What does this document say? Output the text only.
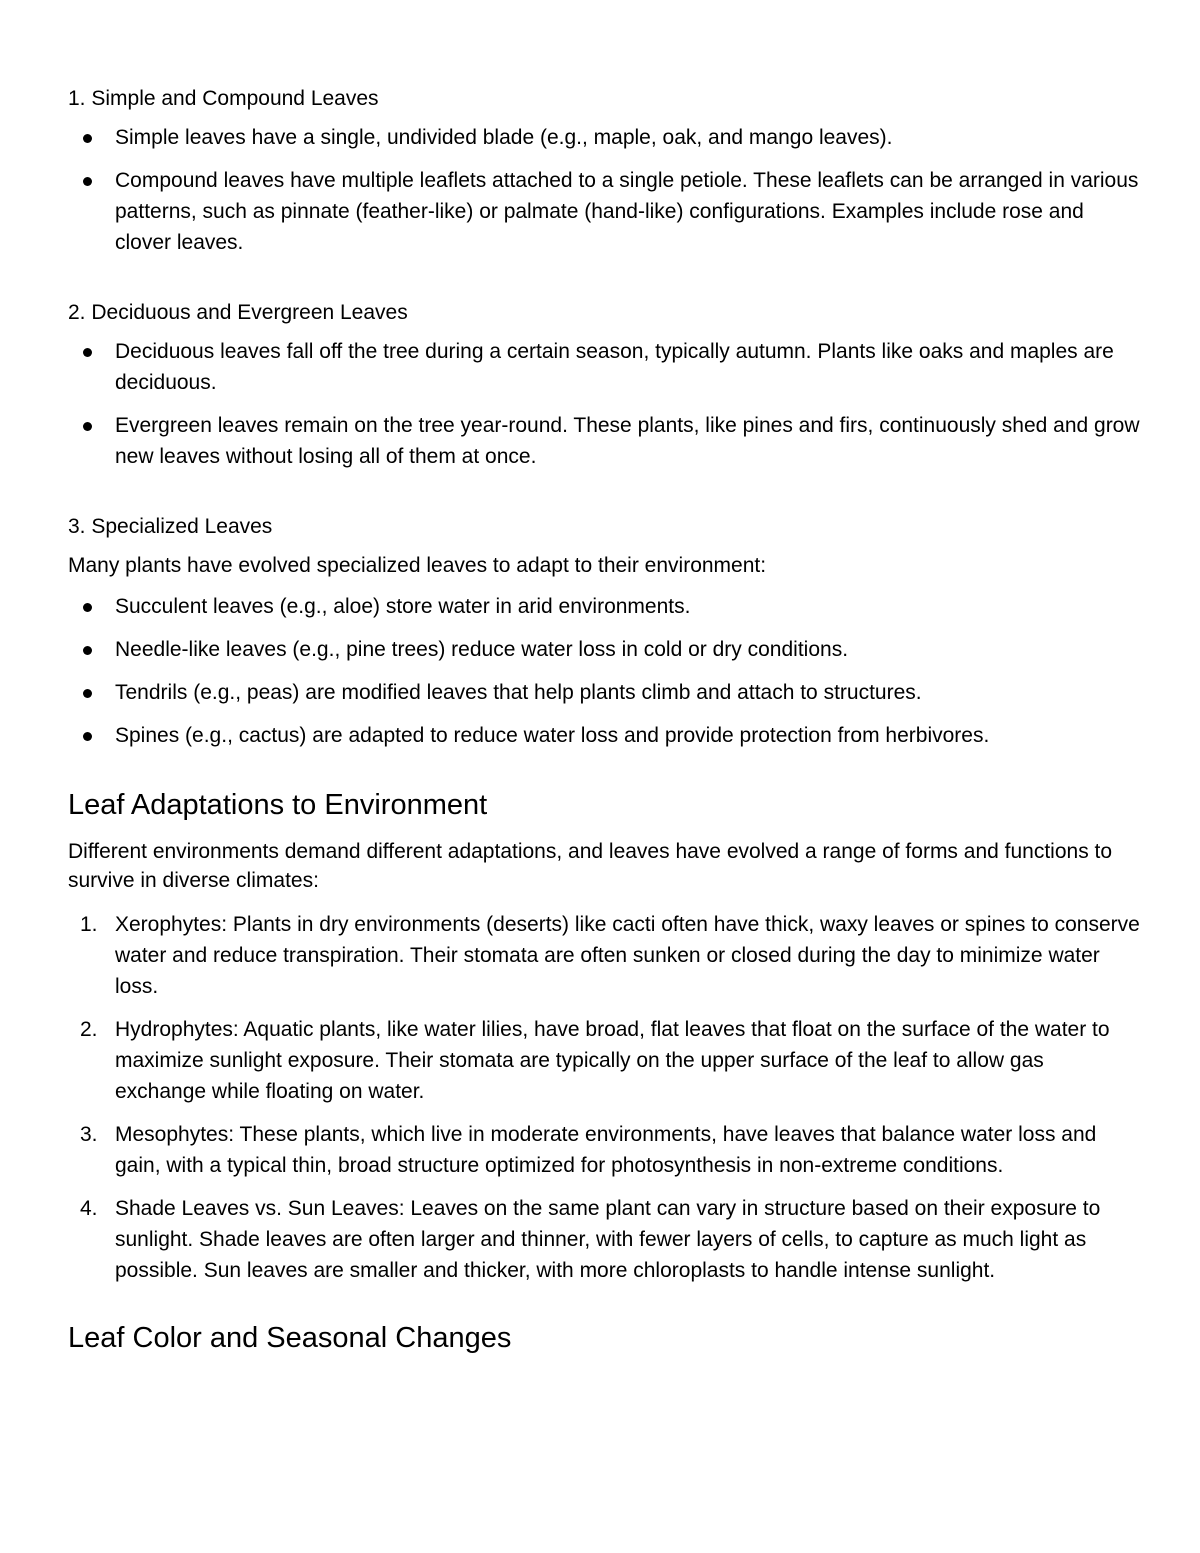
1. Simple and Compound Leaves
Simple leaves have a single, undivided blade (e.g., maple, oak, and mango leaves).
Compound leaves have multiple leaflets attached to a single petiole. These leaflets can be arranged in various patterns, such as pinnate (feather-like) or palmate (hand-like) configurations. Examples include rose and clover leaves.
2. Deciduous and Evergreen Leaves
Deciduous leaves fall off the tree during a certain season, typically autumn. Plants like oaks and maples are deciduous.
Evergreen leaves remain on the tree year-round. These plants, like pines and firs, continuously shed and grow new leaves without losing all of them at once.
3. Specialized Leaves
Many plants have evolved specialized leaves to adapt to their environment:
Succulent leaves (e.g., aloe) store water in arid environments.
Needle-like leaves (e.g., pine trees) reduce water loss in cold or dry conditions.
Tendrils (e.g., peas) are modified leaves that help plants climb and attach to structures.
Spines (e.g., cactus) are adapted to reduce water loss and provide protection from herbivores.
Leaf Adaptations to Environment
Different environments demand different adaptations, and leaves have evolved a range of forms and functions to survive in diverse climates:
1. Xerophytes: Plants in dry environments (deserts) like cacti often have thick, waxy leaves or spines to conserve water and reduce transpiration. Their stomata are often sunken or closed during the day to minimize water loss.
2. Hydrophytes: Aquatic plants, like water lilies, have broad, flat leaves that float on the surface of the water to maximize sunlight exposure. Their stomata are typically on the upper surface of the leaf to allow gas exchange while floating on water.
3. Mesophytes: These plants, which live in moderate environments, have leaves that balance water loss and gain, with a typical thin, broad structure optimized for photosynthesis in non-extreme conditions.
4. Shade Leaves vs. Sun Leaves: Leaves on the same plant can vary in structure based on their exposure to sunlight. Shade leaves are often larger and thinner, with fewer layers of cells, to capture as much light as possible. Sun leaves are smaller and thicker, with more chloroplasts to handle intense sunlight.
Leaf Color and Seasonal Changes
